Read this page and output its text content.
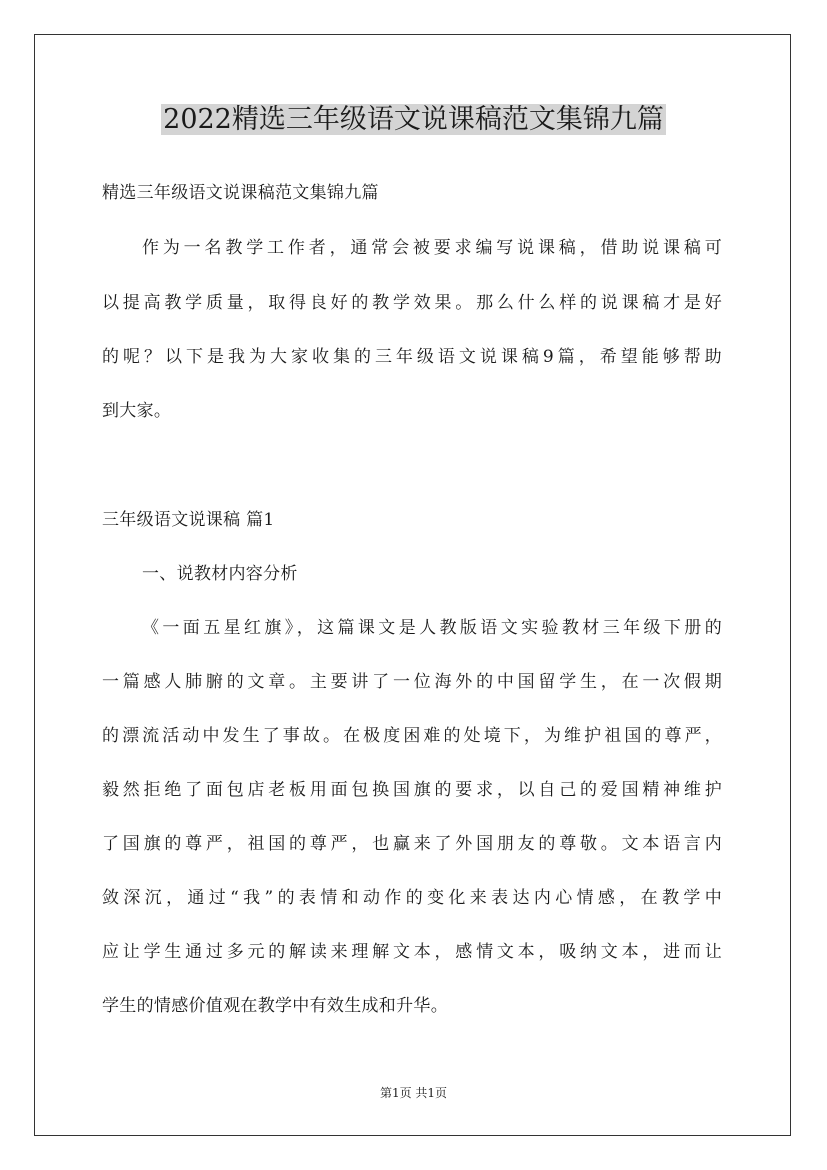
2022精选三年级语文说课稿范文集锦九篇
精选三年级语文说课稿范文集锦九篇
作为一名教学工作者，通常会被要求编写说课稿，借助说课稿可
以提高教学质量，取得良好的教学效果。那么什么样的说课稿才是好
的呢？以下是我为大家收集的三年级语文说课稿9篇，希望能够帮助
到大家。
三年级语文说课稿 篇1
一、说教材内容分析
《一面五星红旗》，这篇课文是人教版语文实验教材三年级下册的
一篇感人肺腑的文章。主要讲了一位海外的中国留学生，在一次假期
的漂流活动中发生了事故。在极度困难的处境下，为维护祖国的尊严，
毅然拒绝了面包店老板用面包换国旗的要求，以自己的爱国精神维护
了国旗的尊严，祖国的尊严，也赢来了外国朋友的尊敬。文本语言内
敛深沉，通过“我”的表情和动作的变化来表达内心情感，在教学中
应让学生通过多元的解读来理解文本，感情文本，吸纳文本，进而让
学生的情感价值观在教学中有效生成和升华。
第1页 共1页
